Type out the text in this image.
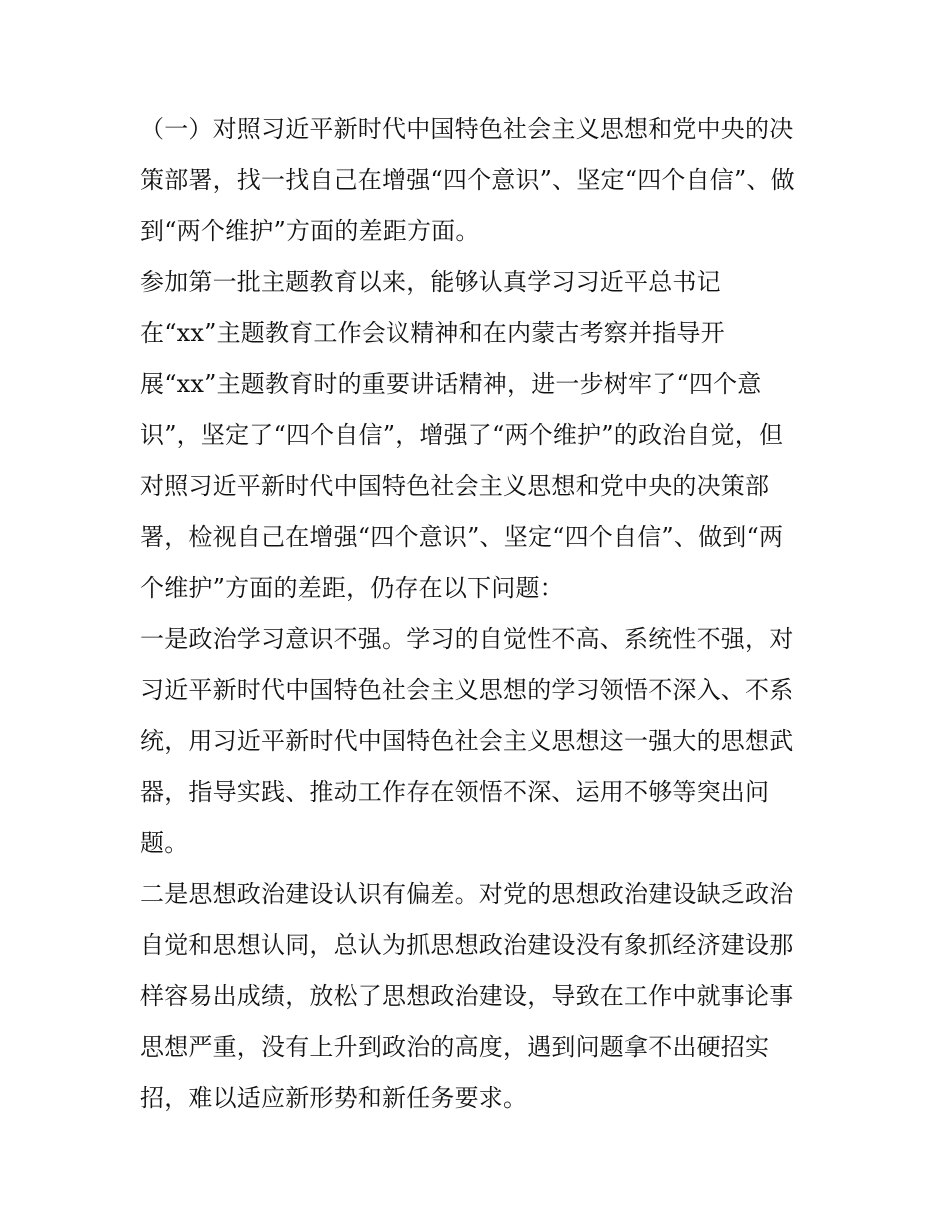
（一）对照习近平新时代中国特色社会主义思想和党中央的决
策部署，找一找自己在增强“四个意识”、坚定“四个自信”、做
到“两个维护”方面的差距方面。
参加第一批主题教育以来，能够认真学习习近平总书记
在“xx”主题教育工作会议精神和在内蒙古考察并指导开
展“xx”主题教育时的重要讲话精神，进一步树牢了“四个意
识”，坚定了“四个自信”，增强了“两个维护”的政治自觉，但
对照习近平新时代中国特色社会主义思想和党中央的决策部
署，检视自己在增强“四个意识”、坚定“四个自信”、做到“两
个维护”方面的差距，仍存在以下问题：
一是政治学习意识不强。学习的自觉性不高、系统性不强，对
习近平新时代中国特色社会主义思想的学习领悟不深入、不系
统，用习近平新时代中国特色社会主义思想这一强大的思想武
器，指导实践、推动工作存在领悟不深、运用不够等突出问
题。
二是思想政治建设认识有偏差。对党的思想政治建设缺乏政治
自觉和思想认同，总认为抓思想政治建设没有象抓经济建设那
样容易出成绩，放松了思想政治建设，导致在工作中就事论事
思想严重，没有上升到政治的高度，遇到问题拿不出硬招实
招，难以适应新形势和新任务要求。
